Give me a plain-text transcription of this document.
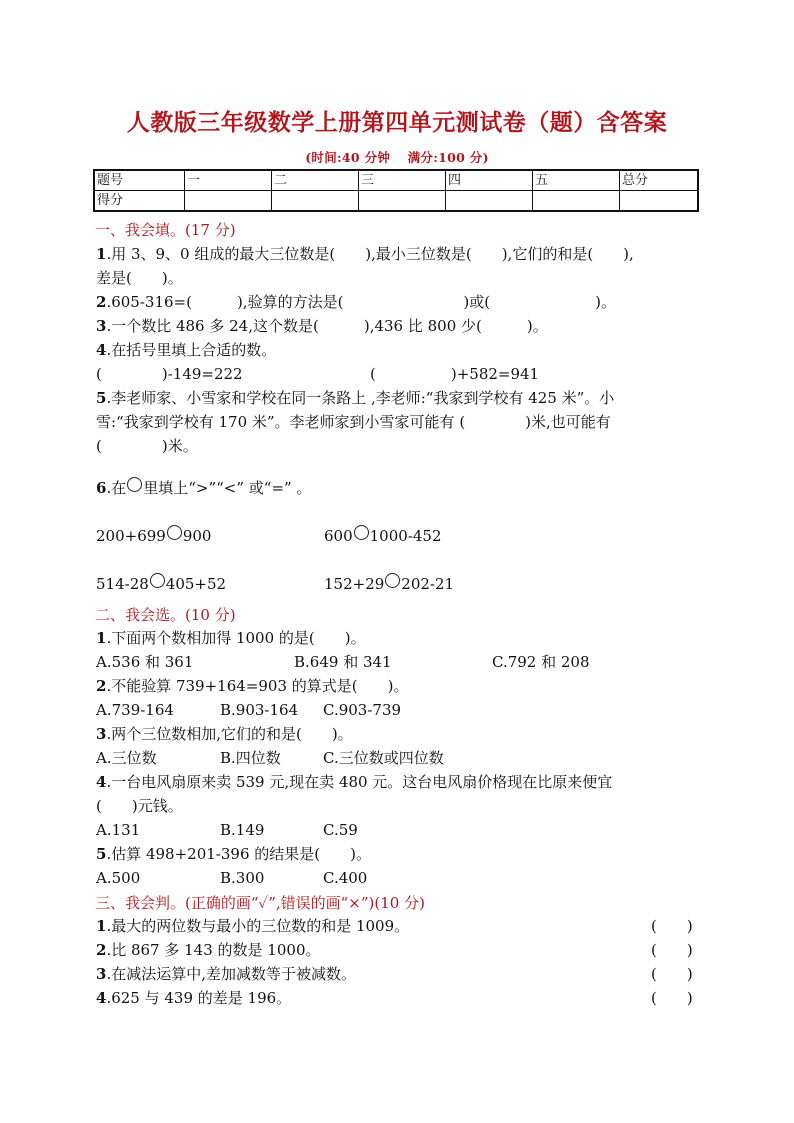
人教版三年级数学上册第四单元测试卷（题）含答案
(时间:40 分钟　 满分:100 分)
题号	一	二	三	四	五	总分
得分						
一、我会填。(17 分)
1.用 3、9、0 组成的最大三位数是(　　),最小三位数是(　　),它们的和是(　　),
差是(　　)。
2.605-316=(　　　),验算的方法是(　　　　　　　　)或(　　　　　　　)。
3.一个数比 486 多 24,这个数是(　　　),436 比 800 少(　　　)。
4.在括号里填上合适的数。
(　　　　)-149=222	(　　　　　)+582=941
5.李老师家、小雪家和学校在同一条路上 ,李老师:“我家到学校有 425 米”。小
雪:“我家到学校有 170 米”。李老师家到小雪家可能有 (　　　　)米,也可能有
(　　　　)米。
6.在 里填上“>”“<” 或“=” 。
200+699 900	600 1000-452
514-28 405+52	152+29 202-21
二、我会选。(10 分)
1.下面两个数相加得 1000 的是(　　)。
A.536 和 361	B.649 和 341	C.792 和 208
2.不能验算 739+164=903 的算式是(　　)。
A.739-164	B.903-164 C.903-739
3.两个三位数相加,它们的和是(　　)。
A.三位数	B.四位数	C.三位数或四位数
4.一台电风扇原来卖 539 元,现在卖 480 元。这台电风扇价格现在比原来便宜
(　　)元钱。
A.131	B.149	C.59
5.估算 498+201-396 的结果是(　　)。
A.500	B.300	C.400
三、我会判。(正确的画“✓”,错误的画“×”)(10 分)
1.最大的两位数与最小的三位数的和是 1009。	(　　)
2.比 867 多 143 的数是 1000。	(　　)
3.在减法运算中,差加减数等于被减数。	(　　)
4.625 与 439 的差是 196。	(　　)
